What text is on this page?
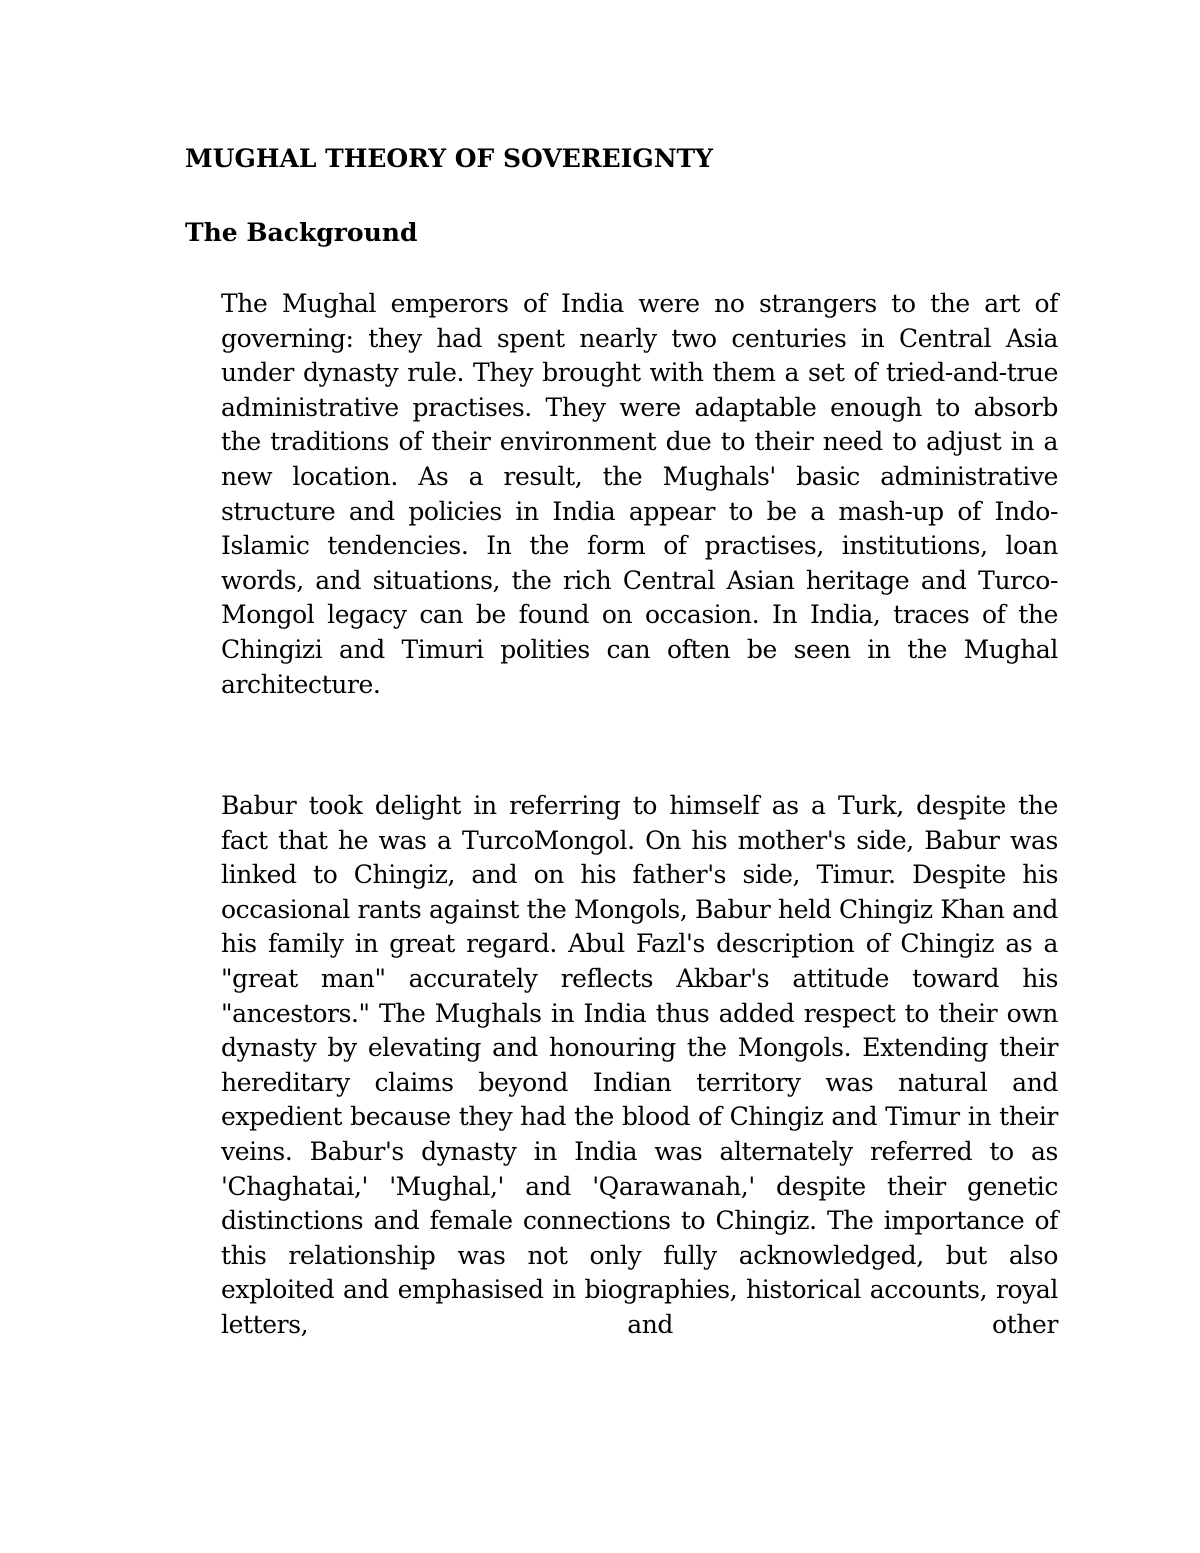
MUGHAL THEORY OF SOVEREIGNTY
The Background

The Mughal emperors of India were no strangers to the art of governing: they had spent nearly two centuries in Central Asia under dynasty rule. They brought with them a set of tried-and-true administrative practises. They were adaptable enough to absorb the traditions of their environment due to their need to adjust in a new location. As a result, the Mughals' basic administrative structure and policies in India appear to be a mash-up of Indo-Islamic tendencies. In the form of practises, institutions, loan words, and situations, the rich Central Asian heritage and Turco-Mongol legacy can be found on occasion. In India, traces of the Chingizi and Timuri polities can often be seen in the Mughal architecture.

Babur took delight in referring to himself as a Turk, despite the fact that he was a TurcoMongol. On his mother's side, Babur was linked to Chingiz, and on his father's side, Timur. Despite his occasional rants against the Mongols, Babur held Chingiz Khan and his family in great regard. Abul Fazl's description of Chingiz as a "great man" accurately reflects Akbar's attitude toward his "ancestors." The Mughals in India thus added respect to their own dynasty by elevating and honouring the Mongols. Extending their hereditary claims beyond Indian territory was natural and expedient because they had the blood of Chingiz and Timur in their veins. Babur's dynasty in India was alternately referred to as 'Chaghatai,' 'Mughal,' and 'Qarawanah,' despite their genetic distinctions and female connections to Chingiz. The importance of this relationship was not only fully acknowledged, but also exploited and emphasised in biographies, historical accounts, royal letters, and other
